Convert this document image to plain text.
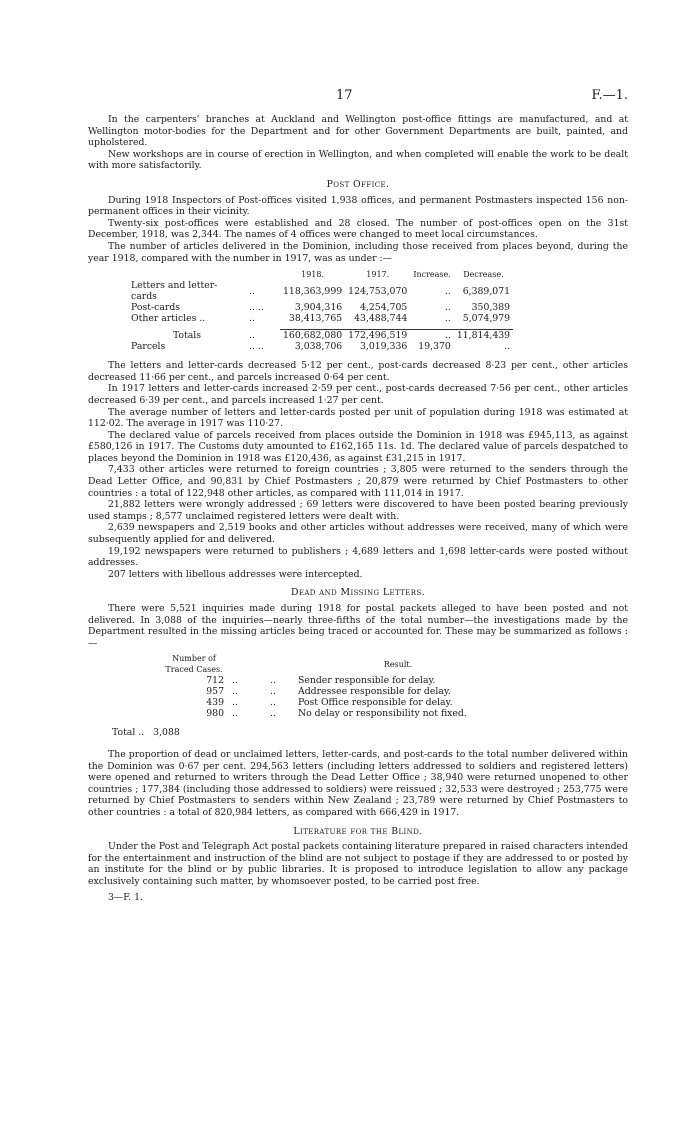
17	F.—1.

In the carpenters' branches at Auckland and Wellington post-office fittings are manufactured, and at Wellington motor-bodies for the Department and for other Government Departments are built, painted, and upholstered.

New workshops are in course of erection in Wellington, and when completed will enable the work to be dealt with more satisfactorily.

Post Office.

During 1918 Inspectors of Post-offices visited 1,938 offices, and permanent Postmasters inspected 156 non-permanent offices in their vicinity.

Twenty-six post-offices were established and 28 closed. The number of post-offices open on the 31st December, 1918, was 2,344. The names of 4 offices were changed to meet local circumstances.

The number of articles delivered in the Dominion, including those received from places beyond, during the year 1918, compared with the number in 1917, was as under :—

		1918.	1917.	Increase.	Decrease.
Letters and letter-cards	..	118,363,999	124,753,070	..	6,389,071
Post-cards	.. ..	3,904,316	4,254,705	..	350,389
Other articles ..	..	38,413,765	43,488,744	..	5,074,979

Totals	..	160,682,080	172,496,519	..	11,814,439
Parcels	.. ..	3,038,706	3,019,336	19,370	..

The letters and letter-cards decreased 5·12 per cent., post-cards decreased 8·23 per cent., other articles decreased 11·66 per cent., and parcels increased 0·64 per cent.

In 1917 letters and letter-cards increased 2·59 per cent., post-cards decreased 7·56 per cent., other articles decreased 6·39 per cent., and parcels increased 1·27 per cent.

The average number of letters and letter-cards posted per unit of population during 1918 was estimated at 112·02. The average in 1917 was 110·27.

The declared value of parcels received from places outside the Dominion in 1918 was £945,113, as against £580,126 in 1917. The Customs duty amounted to £162,165 11s. 1d. The declared value of parcels despatched to places beyond the Dominion in 1918 was £120,436, as against £31,215 in 1917.

7,433 other articles were returned to foreign countries ; 3,805 were returned to the senders through the Dead Letter Office, and 90,831 by Chief Postmasters ; 20,879 were returned by Chief Postmasters to other countries : a total of 122,948 other articles, as compared with 111,014 in 1917.

21,882 letters were wrongly addressed ; 69 letters were discovered to have been posted bearing previously used stamps ; 8,577 unclaimed registered letters were dealt with.

2,639 newspapers and 2,519 books and other articles without addresses were received, many of which were subsequently applied for and delivered.

19,192 newspapers were returned to publishers ; 4,689 letters and 1,698 letter-cards were posted without addresses.

207 letters with libellous addresses were intercepted.

Dead and Missing Letters.

There were 5,521 inquiries made during 1918 for postal packets alleged to have been posted and not delivered. In 3,088 of the inquiries—nearly three-fifths of the total number—the investigations made by the Department resulted in the missing articles being traced or accounted for. These may be summarized as follows :—

Number of Traced Cases.			Result.
712	..	..	Sender responsible for delay.
957	..	..	Addressee responsible for delay.
439	..	..	Post Office responsible for delay.
980	..	..	No delay or responsibility not fixed.
Total .. 3,088

The proportion of dead or unclaimed letters, letter-cards, and post-cards to the total number delivered within the Dominion was 0·67 per cent. 294,563 letters (including letters addressed to soldiers and registered letters) were opened and returned to writers through the Dead Letter Office ; 38,940 were returned unopened to other countries ; 177,384 (including those addressed to soldiers) were reissued ; 32,533 were destroyed ; 253,775 were returned by Chief Postmasters to senders within New Zealand ; 23,789 were returned by Chief Postmasters to other countries : a total of 820,984 letters, as compared with 666,429 in 1917.

Literature for the Blind.

Under the Post and Telegraph Act postal packets containing literature prepared in raised characters intended for the entertainment and instruction of the blind are not subject to postage if they are addressed to or posted by an institute for the blind or by public libraries. It is proposed to introduce legislation to allow any package exclusively containing such matter, by whomsoever posted, to be carried post free.

3—F. 1.
